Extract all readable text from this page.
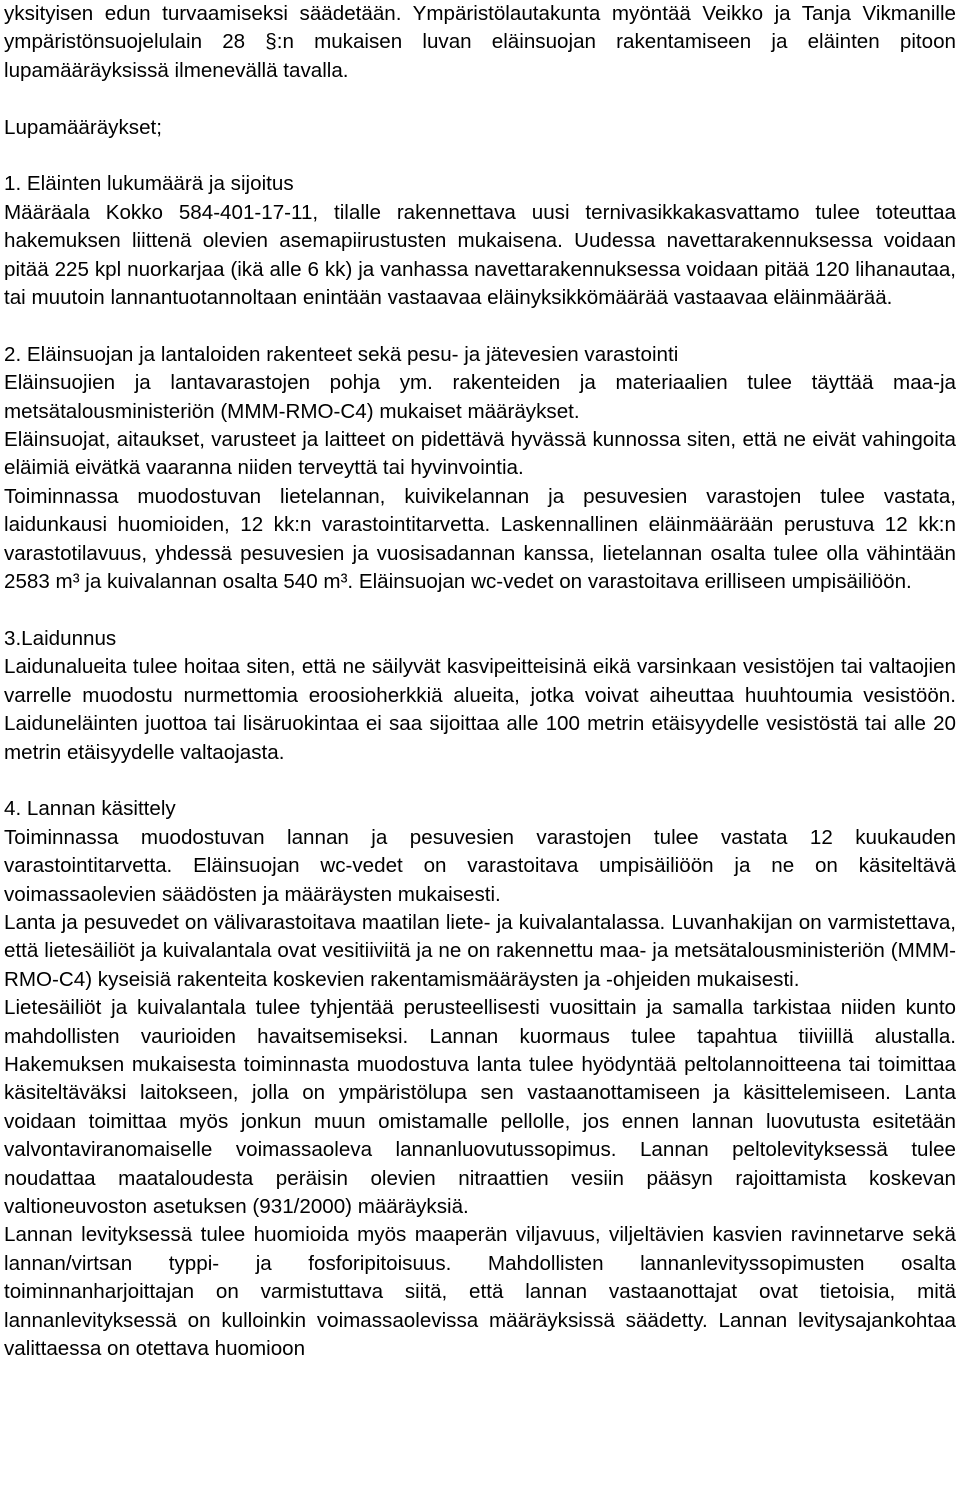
yksityisen edun turvaamiseksi säädetään. Ympäristölautakunta myöntää Veikko ja Tanja Vikmanille ympäristönsuojelulain 28 §:n mukaisen luvan eläinsuojan rakentamiseen ja eläinten pitoon lupamääräyksissä ilmenevällä tavalla.

Lupamääräykset;

1. Eläinten lukumäärä ja sijoitus

Määräala Kokko 584-401-17-11, tilalle rakennettava uusi ternivasikkakasvattamo tulee toteuttaa hakemuksen liittenä olevien asemapiirustusten mukaisena. Uudessa navettarakennuksessa voidaan pitää 225 kpl nuorkarjaa (ikä alle 6 kk) ja vanhassa navettarakennuksessa voidaan pitää 120 lihanautaa, tai muutoin lannantuotannoltaan enintään vastaavaa eläinyksikkömäärää vastaavaa eläinmäärää.

2. Eläinsuojan ja lantaloiden rakenteet sekä pesu- ja jätevesien varastointi

Eläinsuojien ja lantavarastojen pohja ym. rakenteiden ja materiaalien tulee täyttää maa-ja metsätalousministeriön (MMM-RMO-C4) mukaiset määräykset.

Eläinsuojat, aitaukset, varusteet ja laitteet on pidettävä hyvässä kunnossa siten, että ne eivät vahingoita eläimiä eivätkä vaaranna niiden terveyttä tai hyvinvointia.

Toiminnassa muodostuvan lietelannan, kuivikelannan ja pesuvesien varastojen tulee vastata, laidunkausi huomioiden, 12 kk:n varastointitarvetta. Laskennallinen eläinmäärään perustuva 12 kk:n varastotilavuus, yhdessä pesuvesien ja vuosisadannan kanssa, lietelannan osalta tulee olla vähintään 2583 m³ ja kuivalannan osalta 540 m³. Eläinsuojan wc-vedet on varastoitava erilliseen umpisäiliöön.

3.Laidunnus

Laidunalueita tulee hoitaa siten, että ne säilyvät kasvipeitteisinä eikä varsinkaan vesistöjen tai valtaojien varrelle muodostu nurmettomia eroosioherkkiä alueita, jotka voivat aiheuttaa huuhtoumia vesistöön. Laiduneläinten juottoa tai lisäruokintaa ei saa sijoittaa alle 100 metrin etäisyydelle vesistöstä tai alle 20 metrin etäisyydelle valtaojasta.

4. Lannan käsittely

Toiminnassa muodostuvan lannan ja pesuvesien varastojen tulee vastata 12 kuukauden varastointitarvetta. Eläinsuojan wc-vedet on varastoitava umpisäiliöön ja ne on käsiteltävä voimassaolevien säädösten ja määräysten mukaisesti.

Lanta ja pesuvedet on välivarastoitava maatilan liete- ja kuivalantalassa. Luvanhakijan on varmistettava, että lietesäiliöt ja kuivalantala ovat vesitiiviitä ja ne on rakennettu maa- ja metsätalousministeriön (MMM-RMO-C4) kyseisiä rakenteita koskevien rakentamismääräysten ja -ohjeiden mukaisesti.

Lietesäiliöt ja kuivalantala tulee tyhjentää perusteellisesti vuosittain ja samalla tarkistaa niiden kunto mahdollisten vaurioiden havaitsemiseksi. Lannan kuormaus tulee tapahtua tiiviillä alustalla. Hakemuksen mukaisesta toiminnasta muodostuva lanta tulee hyödyntää peltolannoitteena tai toimittaa käsiteltäväksi laitokseen, jolla on ympäristölupa sen vastaanottamiseen ja käsittelemiseen. Lanta voidaan toimittaa myös jonkun muun omistamalle pellolle, jos ennen lannan luovutusta esitetään valvontaviranomaiselle voimassaoleva lannanluovutussopimus. Lannan peltolevityksessä tulee noudattaa maataloudesta peräisin olevien nitraattien vesiin pääsyn rajoittamista koskevan valtioneuvoston asetuksen (931/2000) määräyksiä.

Lannan levityksessä tulee huomioida myös maaperän viljavuus, viljeltävien kasvien ravinnetarve sekä lannan/virtsan typpi- ja fosforipitoisuus. Mahdollisten lannanlevityssopimusten osalta toiminnanharjoittajan on varmistuttava siitä, että lannan vastaanottajat ovat tietoisia, mitä lannanlevityksessä on kulloinkin voimassaolevissa määräyksissä säädetty. Lannan levitysajankohtaa valittaessa on otettava huomioon
